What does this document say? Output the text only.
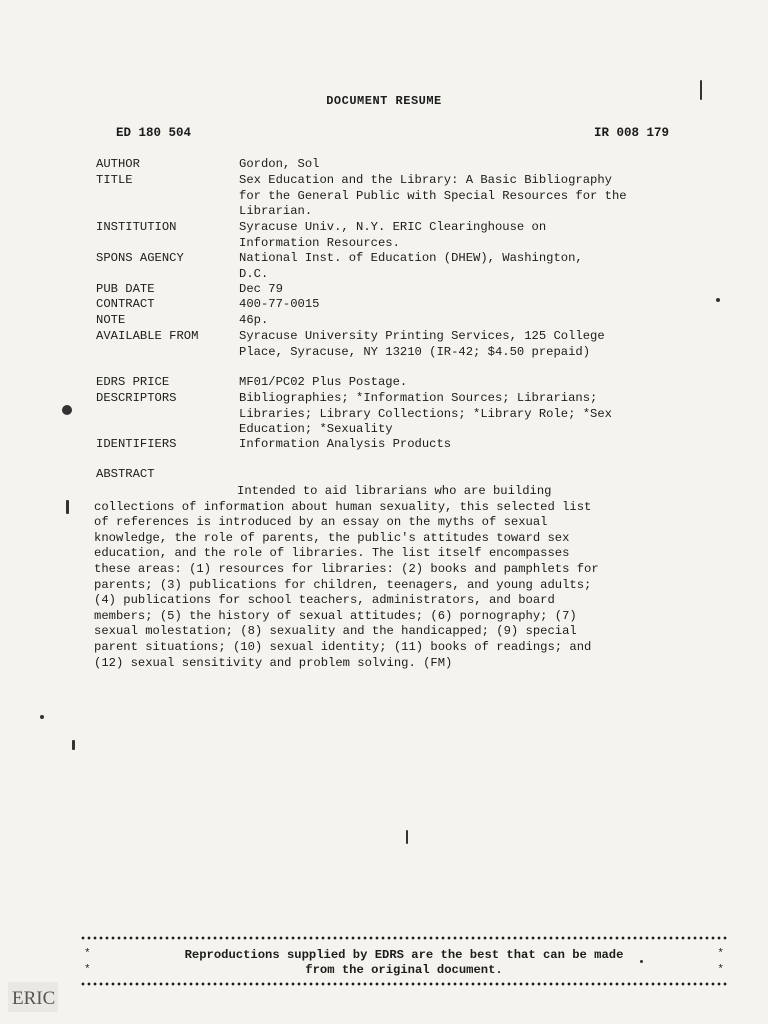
DOCUMENT RESUME
ED 180 504	IR 008 179
AUTHOR	Gordon, Sol
TITLE	Sex Education and the Library: A Basic Bibliography
for the General Public with Special Resources for the
Librarian.
INSTITUTION	Syracuse Univ., N.Y. ERIC Clearinghouse on
Information Resources.
SPONS AGENCY	National Inst. of Education (DHEW), Washington,
D.C.
PUB DATE	Dec 79
CONTRACT	400-77-0015
NOTE	46p.
AVAILABLE FROM	Syracuse University Printing Services, 125 College
Place, Syracuse, NY 13210 (IR-42; $4.50 prepaid)
EDRS PRICE	MF01/PC02 Plus Postage.
DESCRIPTORS	Bibliographies; *Information Sources; Librarians;
Libraries; Library Collections; *Library Role; *Sex
Education; *Sexuality
IDENTIFIERS	Information Analysis Products
ABSTRACT
Intended to aid librarians who are building
collections of information about human sexuality, this selected list
of references is introduced by an essay on the myths of sexual
knowledge, the role of parents, the public's attitudes toward sex
education, and the role of libraries. The list itself encompasses
these areas: (1) resources for libraries: (2) books and pamphlets for
parents; (3) publications for children, teenagers, and young adults;
(4) publications for school teachers, administrators, and board
members; (5) the history of sexual attitudes; (6) pornography; (7)
sexual molestation; (8) sexuality and the handicapped; (9) special
parent situations; (10) sexual identity; (11) books of readings; and
(12) sexual sensitivity and problem solving. (FM)
*
*
*
*
Reproductions supplied by EDRS are the best that can be made
from the original document.
ERIC
